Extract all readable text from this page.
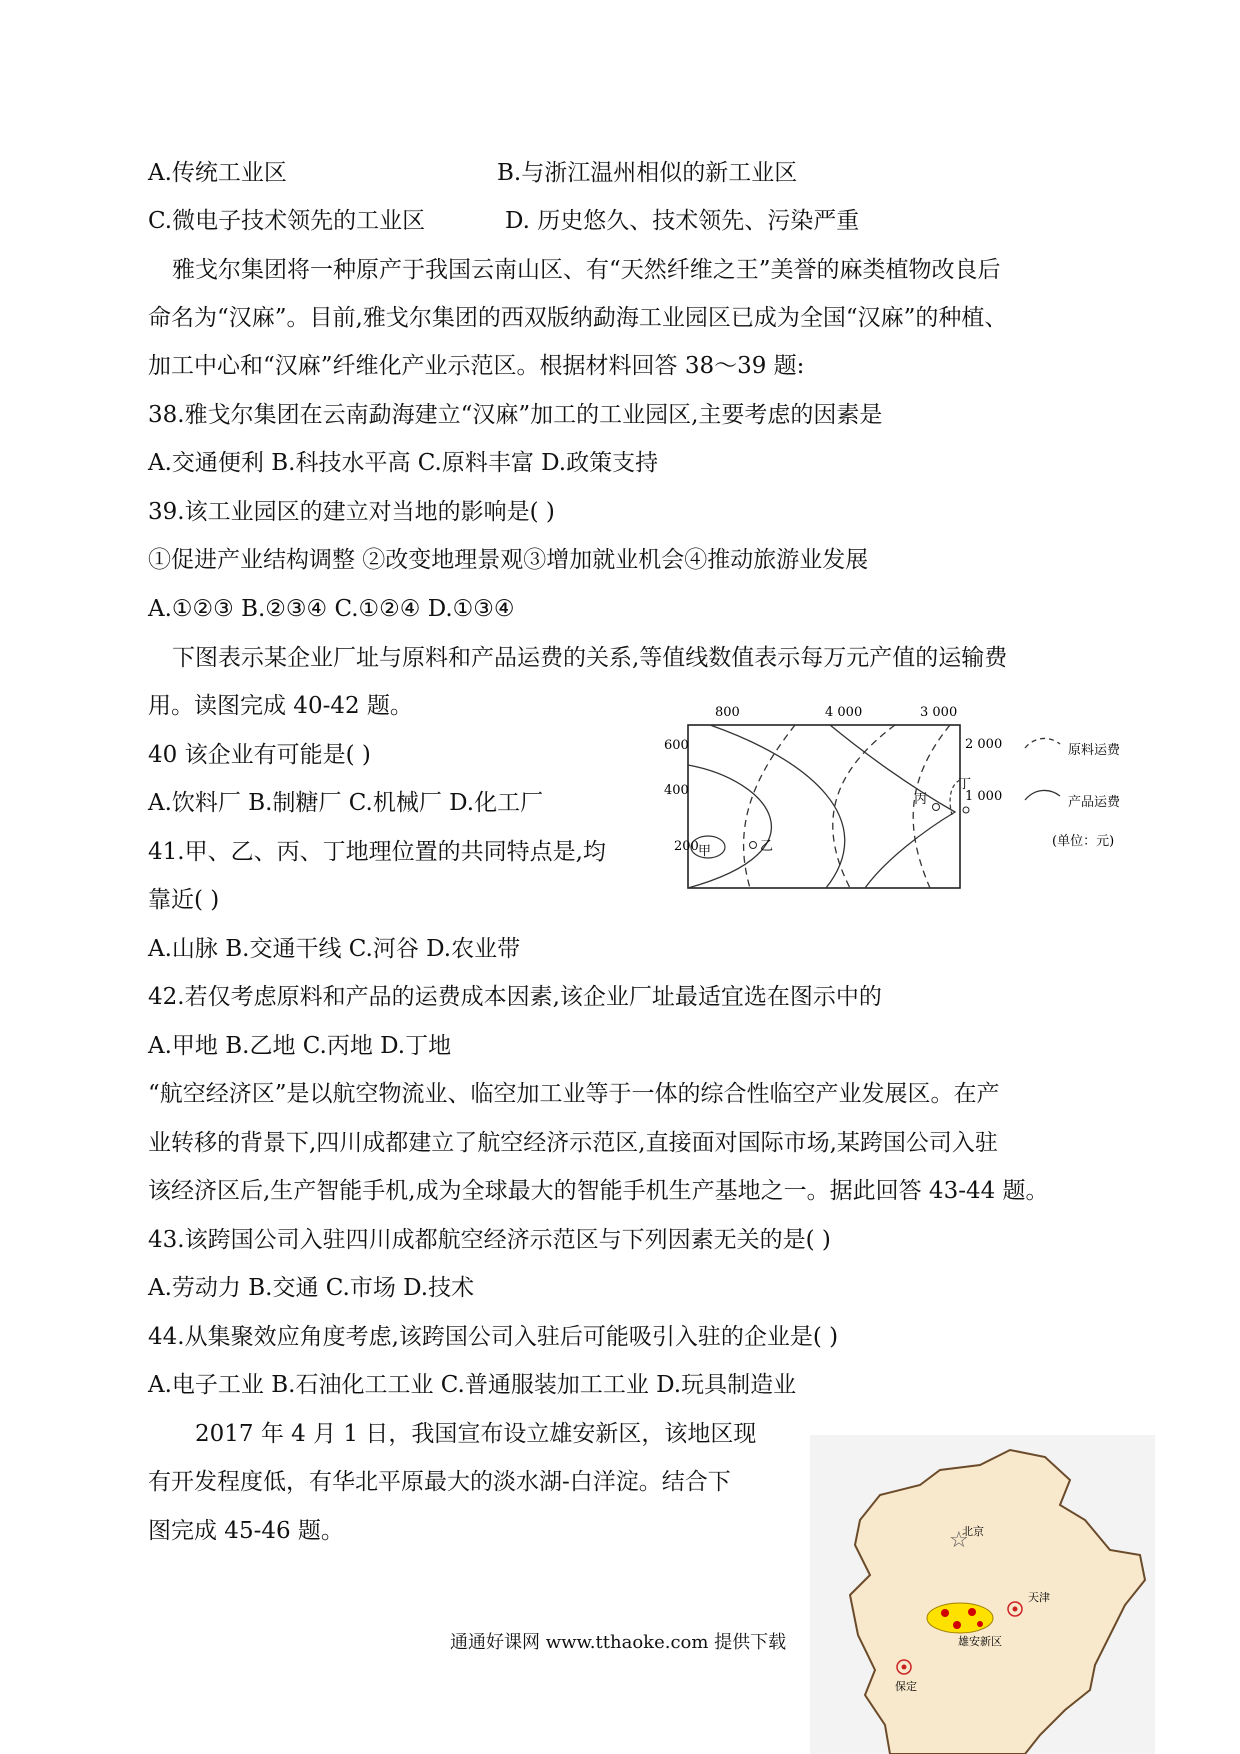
A.传统工业区	B.与浙江温州相似的新工业区
C.微电子技术领先的工业区	D. 历史悠久、技术领先、污染严重
雅戈尔集团将一种原产于我国云南山区、有“天然纤维之王”美誉的麻类植物改良后
命名为“汉麻”。目前,雅戈尔集团的西双版纳勐海工业园区已成为全国“汉麻”的种植、
加工中心和“汉麻”纤维化产业示范区。根据材料回答 38～39 题:
38.雅戈尔集团在云南勐海建立“汉麻”加工的工业园区,主要考虑的因素是
A.交通便利 B.科技水平高 C.原料丰富 D.政策支持
39.该工业园区的建立对当地的影响是( )
①促进产业结构调整 ②改变地理景观③增加就业机会④推动旅游业发展
A.①②③ B.②③④ C.①②④ D.①③④
下图表示某企业厂址与原料和产品运费的关系,等值线数值表示每万元产值的运输费
用。读图完成 40-42 题。
40 该企业有可能是( )
A.饮料厂 B.制糖厂 C.机械厂 D.化工厂
41.甲、乙、丙、丁地理位置的共同特点是,均
靠近( )
A.山脉 B.交通干线 C.河谷 D.农业带
42.若仅考虑原料和产品的运费成本因素,该企业厂址最适宜选在图示中的
A.甲地 B.乙地 C.丙地 D.丁地
“航空经济区”是以航空物流业、临空加工业等于一体的综合性临空产业发展区。在产
业转移的背景下,四川成都建立了航空经济示范区,直接面对国际市场,某跨国公司入驻
该经济区后,生产智能手机,成为全球最大的智能手机生产基地之一。据此回答 43-44 题。
43.该跨国公司入驻四川成都航空经济示范区与下列因素无关的是( )
A.劳动力 B.交通 C.市场 D.技术
44.从集聚效应角度考虑,该跨国公司入驻后可能吸引入驻的企业是( )
A.电子工业 B.石油化工工业 C.普通服装加工工业 D.玩具制造业
2017 年 4 月 1 日，我国宣布设立雄安新区，该地区现
有开发程度低，有华北平原最大的淡水湖-白洋淀。结合下
图完成 45-46 题。
通通好课网 www.tthaoke.com 提供下载
800	4 000	3 000
600
400
200
2 000
1 000
甲	乙
丙
丁
原料运费
产品运费
(单位：元)
☆
北京
天津
雄安新区
保定
